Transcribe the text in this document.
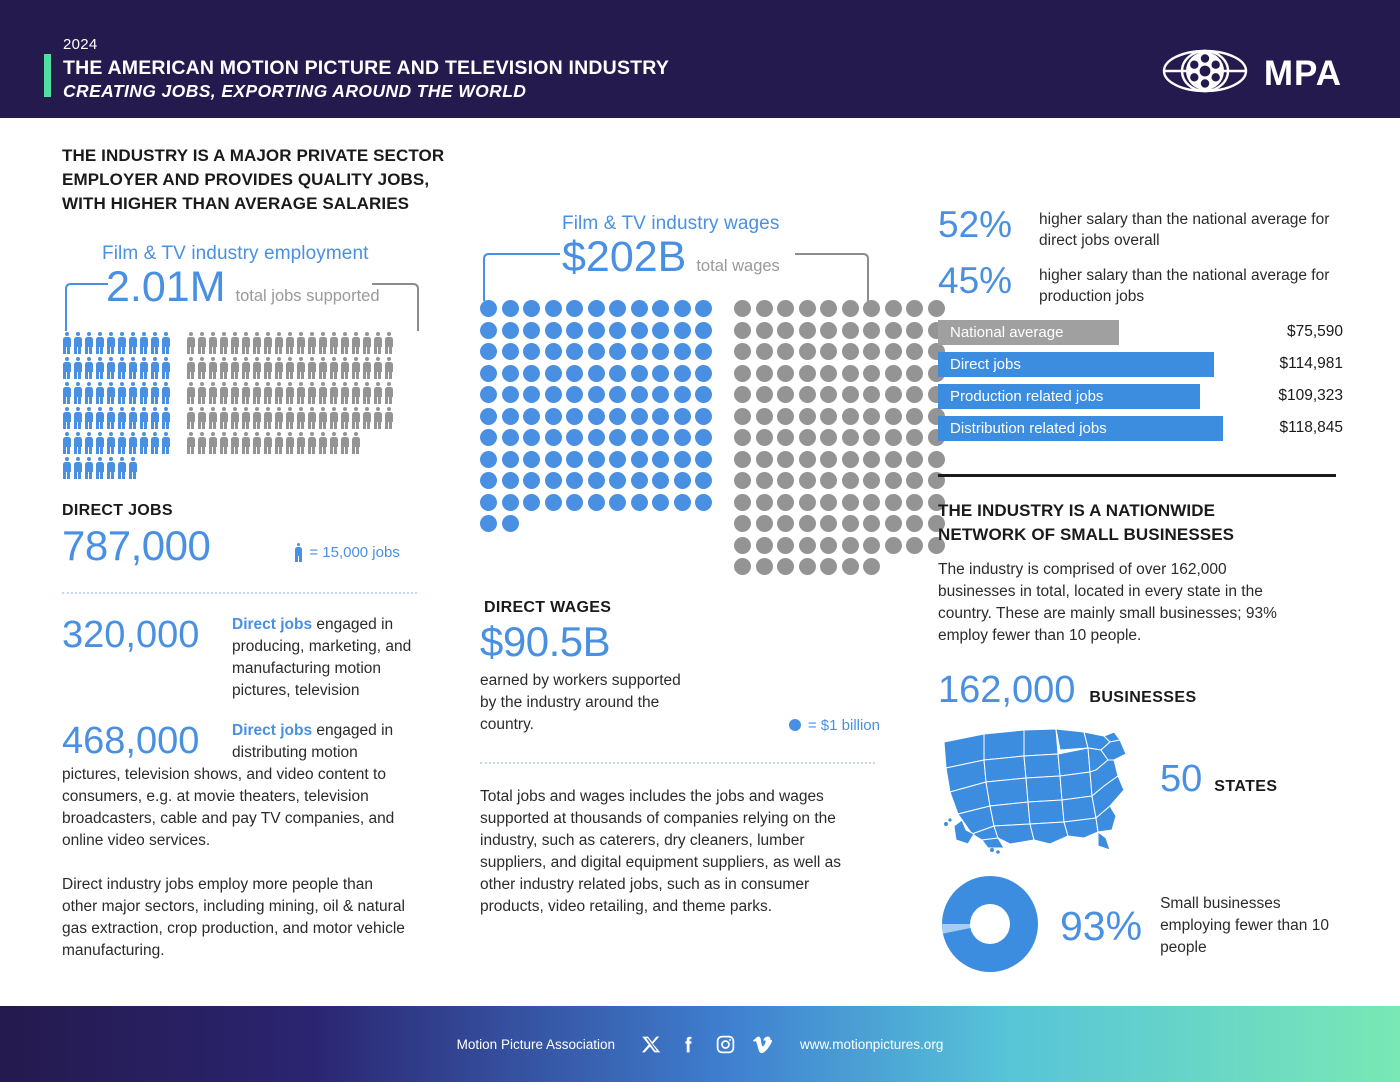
2024
THE AMERICAN MOTION PICTURE AND TELEVISION INDUSTRY
CREATING JOBS, EXPORTING AROUND THE WORLD	MPA
THE INDUSTRY IS A MAJOR PRIVATE SECTOR EMPLOYER AND PROVIDES QUALITY JOBS, WITH HIGHER THAN AVERAGE SALARIES
Film & TV industry employment
2.01M total jobs supported
DIRECT JOBS
787,000	= 15,000 jobs
320,000 Direct jobs engaged in producing, marketing, and manufacturing motion pictures, television
468,000 Direct jobs engaged in distributing motion
pictures, television shows, and video content to consumers, e.g. at movie theaters, television broadcasters, cable and pay TV companies, and online video services.
Direct industry jobs employ more people than other major sectors, including mining, oil & natural gas extraction, crop production, and motor vehicle manufacturing.
Film & TV industry wages
$202B total wages
DIRECT WAGES
$90.5B
earned by workers supported by the industry around the country.	= $1 billion
Total jobs and wages includes the jobs and wages supported at thousands of companies relying on the industry, such as caterers, dry cleaners, lumber suppliers, and digital equipment suppliers, as well as other industry related jobs, such as in consumer products, video retailing, and theme parks.
52%	higher salary than the national average for direct jobs overall
45%	higher salary than the national average for production jobs
National average	$75,590
Direct jobs	$114,981
Production related jobs	$109,323
Distribution related jobs	$118,845
THE INDUSTRY IS A NATIONWIDE NETWORK OF SMALL BUSINESSES
The industry is comprised of over 162,000 businesses in total, located in every state in the country. These are mainly small businesses; 93% employ fewer than 10 people.
162,000 BUSINESSES
50 STATES
93% Small businesses employing fewer than 10 people
Motion Picture Association	www.motionpictures.org
